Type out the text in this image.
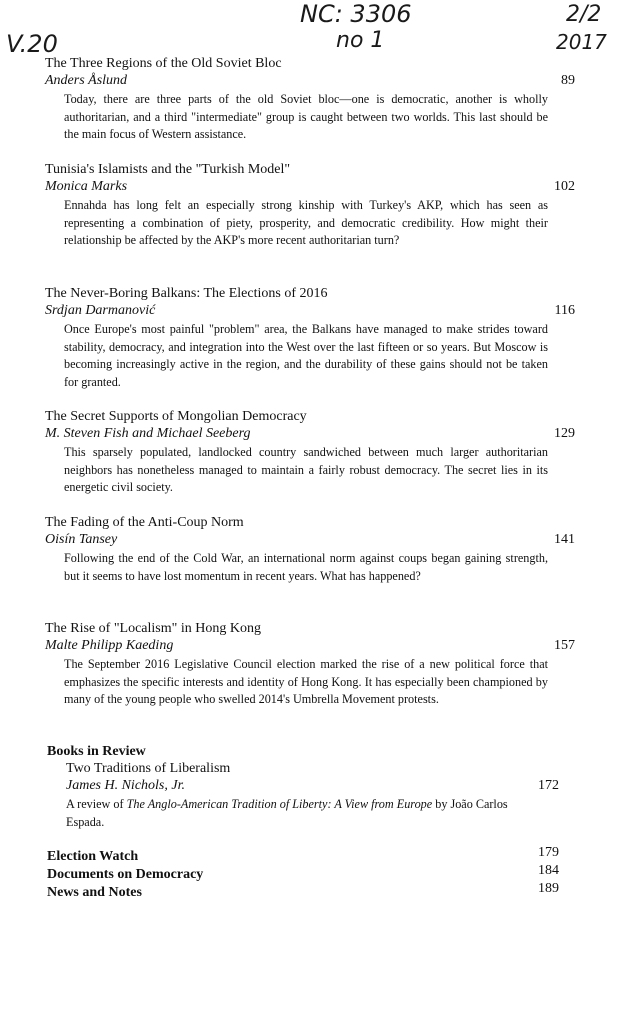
V.20
NC: 3306
no 1
2/2
2017
The Three Regions of the Old Soviet Bloc
Anders Åslund	89
Today, there are three parts of the old Soviet bloc—one is democratic, another is wholly authoritarian, and a third "intermediate" group is caught between two worlds. This last should be the main focus of Western assistance.
Tunisia's Islamists and the "Turkish Model"
Monica Marks	102
Ennahda has long felt an especially strong kinship with Turkey's AKP, which has seen as representing a combination of piety, prosperity, and democratic credibility. How might their relationship be affected by the AKP's more recent authoritarian turn?
The Never-Boring Balkans: The Elections of 2016
Srdjan Darmanović	116
Once Europe's most painful "problem" area, the Balkans have managed to make strides toward stability, democracy, and integration into the West over the last fifteen or so years. But Moscow is becoming increasingly active in the region, and the durability of these gains should not be taken for granted.
The Secret Supports of Mongolian Democracy
M. Steven Fish and Michael Seeberg	129
This sparsely populated, landlocked country sandwiched between much larger authoritarian neighbors has nonetheless managed to maintain a fairly robust democracy. The secret lies in its energetic civil society.
The Fading of the Anti-Coup Norm
Oisín Tansey	141
Following the end of the Cold War, an international norm against coups began gaining strength, but it seems to have lost momentum in recent years. What has happened?
The Rise of "Localism" in Hong Kong
Malte Philipp Kaeding	157
The September 2016 Legislative Council election marked the rise of a new political force that emphasizes the specific interests and identity of Hong Kong. It has especially been championed by many of the young people who swelled 2014's Umbrella Movement protests.
Books in Review
Two Traditions of Liberalism
James H. Nichols, Jr.	172
A review of The Anglo-American Tradition of Liberty: A View from Europe by João Carlos Espada.
Election Watch	179
Documents on Democracy	184
News and Notes	189
